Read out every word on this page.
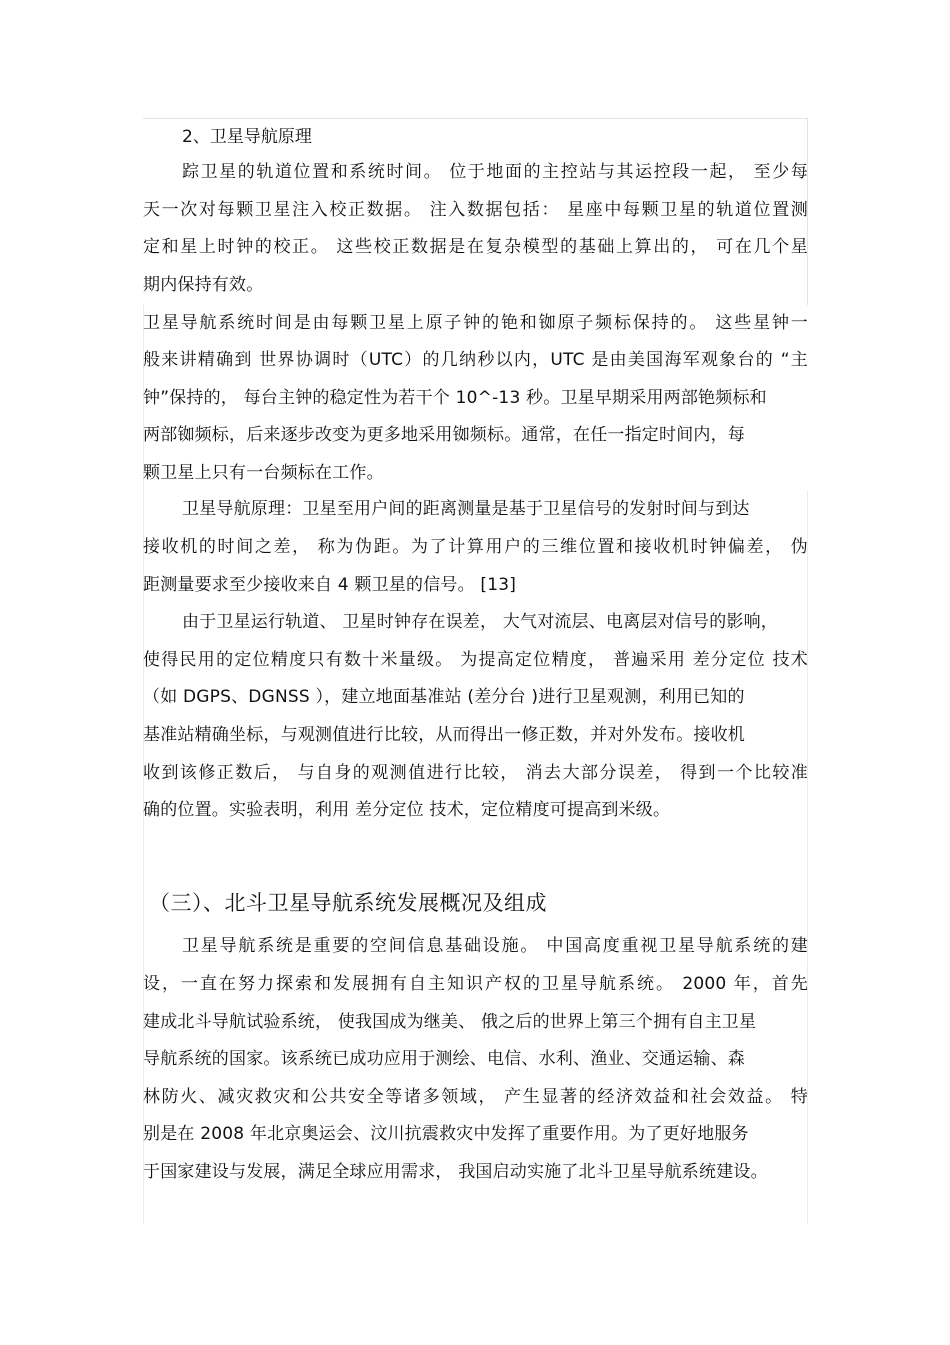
2、卫星导航原理
踪卫星的轨道位置和系统时间。 位于地面的主控站与其运控段一起， 至少每
天一次对每颗卫星注入校正数据。 注入数据包括： 星座中每颗卫星的轨道位置测
定和星上时钟的校正。 这些校正数据是在复杂模型的基础上算出的， 可在几个星
期内保持有效。
卫星导航系统时间是由每颗卫星上原子钟的铯和铷原子频标保持的。 这些星钟一
般来讲精确到 世界协调时（UTC）的几纳秒以内，UTC 是由美国海军观象台的 “主
钟”保持的， 每台主钟的稳定性为若干个 10^-13 秒。卫星早期采用两部铯频标和
两部铷频标，后来逐步改变为更多地采用铷频标。通常，在任一指定时间内，每
颗卫星上只有一台频标在工作。
卫星导航原理：卫星至用户间的距离测量是基于卫星信号的发射时间与到达
接收机的时间之差， 称为伪距。为了计算用户的三维位置和接收机时钟偏差， 伪
距测量要求至少接收来自 4 颗卫星的信号。 [13]
由于卫星运行轨道、 卫星时钟存在误差， 大气对流层、电离层对信号的影响，
使得民用的定位精度只有数十米量级。 为提高定位精度， 普遍采用 差分定位 技术
（如 DGPS、DGNSS ），建立地面基准站 (差分台 )进行卫星观测，利用已知的
基准站精确坐标，与观测值进行比较，从而得出一修正数，并对外发布。接收机
收到该修正数后， 与自身的观测值进行比较， 消去大部分误差， 得到一个比较准
确的位置。实验表明，利用 差分定位 技术，定位精度可提高到米级。
（三）、北斗卫星导航系统发展概况及组成
卫星导航系统是重要的空间信息基础设施。 中国高度重视卫星导航系统的建
设，一直在努力探索和发展拥有自主知识产权的卫星导航系统。 2000 年，首先
建成北斗导航试验系统， 使我国成为继美、 俄之后的世界上第三个拥有自主卫星
导航系统的国家。该系统已成功应用于测绘、电信、水利、渔业、交通运输、森
林防火、减灾救灾和公共安全等诸多领域， 产生显著的经济效益和社会效益。 特
别是在 2008 年北京奥运会、汶川抗震救灾中发挥了重要作用。为了更好地服务
于国家建设与发展，满足全球应用需求， 我国启动实施了北斗卫星导航系统建设。
